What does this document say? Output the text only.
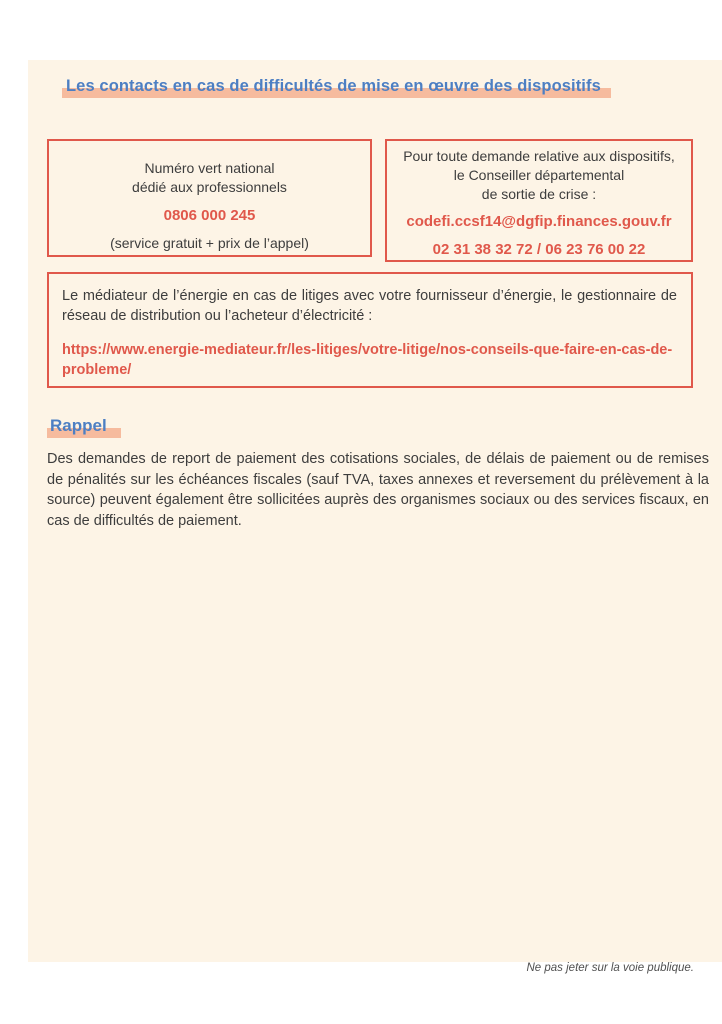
Les contacts en cas de difficultés de mise en œuvre des dispositifs
Numéro vert national
dédié aux professionnels
0806 000 245
(service gratuit + prix de l’appel)
Pour toute demande relative aux dispositifs,
le Conseiller départemental
de sortie de crise :
codefi.ccsf14@dgfip.finances.gouv.fr
02 31 38 32 72 / 06 23 76 00 22
Le médiateur de l’énergie en cas de litiges avec votre fournisseur d’énergie, le gestionnaire de réseau de distribution ou l’acheteur d’électricité :
https://www.energie-mediateur.fr/les-litiges/votre-litige/nos-conseils-que-faire-en-cas-de-probleme/
Rappel
Des demandes de report de paiement des cotisations sociales, de délais de paiement ou de remises de pénalités sur les échéances fiscales (sauf TVA, taxes annexes et reversement du prélèvement à la source) peuvent également être sollicitées auprès des organismes sociaux ou des services fiscaux, en cas de difficultés de paiement.
Ne pas jeter sur la voie publique.
